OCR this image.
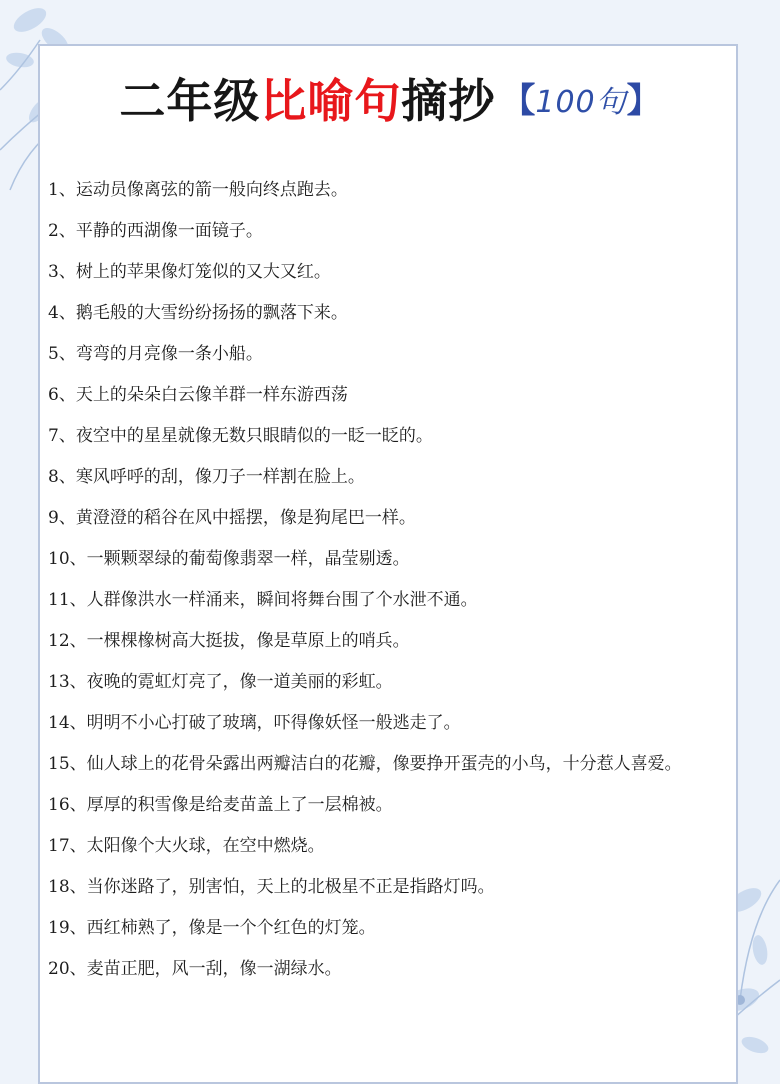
二年级比喻句摘抄 【100句】
1、运动员像离弦的箭一般向终点跑去。
2、平静的西湖像一面镜子。
3、树上的苹果像灯笼似的又大又红。
4、鹅毛般的大雪纷纷扬扬的飘落下来。
5、弯弯的月亮像一条小船。
6、天上的朵朵白云像羊群一样东游西荡
7、夜空中的星星就像无数只眼睛似的一眨一眨的。
8、寒风呼呼的刮，像刀子一样割在脸上。
9、黄澄澄的稻谷在风中摇摆，像是狗尾巴一样。
10、一颗颗翠绿的葡萄像翡翠一样，晶莹剔透。
11、人群像洪水一样涌来，瞬间将舞台围了个水泄不通。
12、一棵棵橡树高大挺拔，像是草原上的哨兵。
13、夜晚的霓虹灯亮了，像一道美丽的彩虹。
14、明明不小心打破了玻璃，吓得像妖怪一般逃走了。
15、仙人球上的花骨朵露出两瓣洁白的花瓣，像要挣开蛋壳的小鸟，十分惹人喜爱。
16、厚厚的积雪像是给麦苗盖上了一层棉被。
17、太阳像个大火球，在空中燃烧。
18、当你迷路了，别害怕，天上的北极星不正是指路灯吗。
19、西红柿熟了，像是一个个红色的灯笼。
20、麦苗正肥，风一刮，像一湖绿水。
